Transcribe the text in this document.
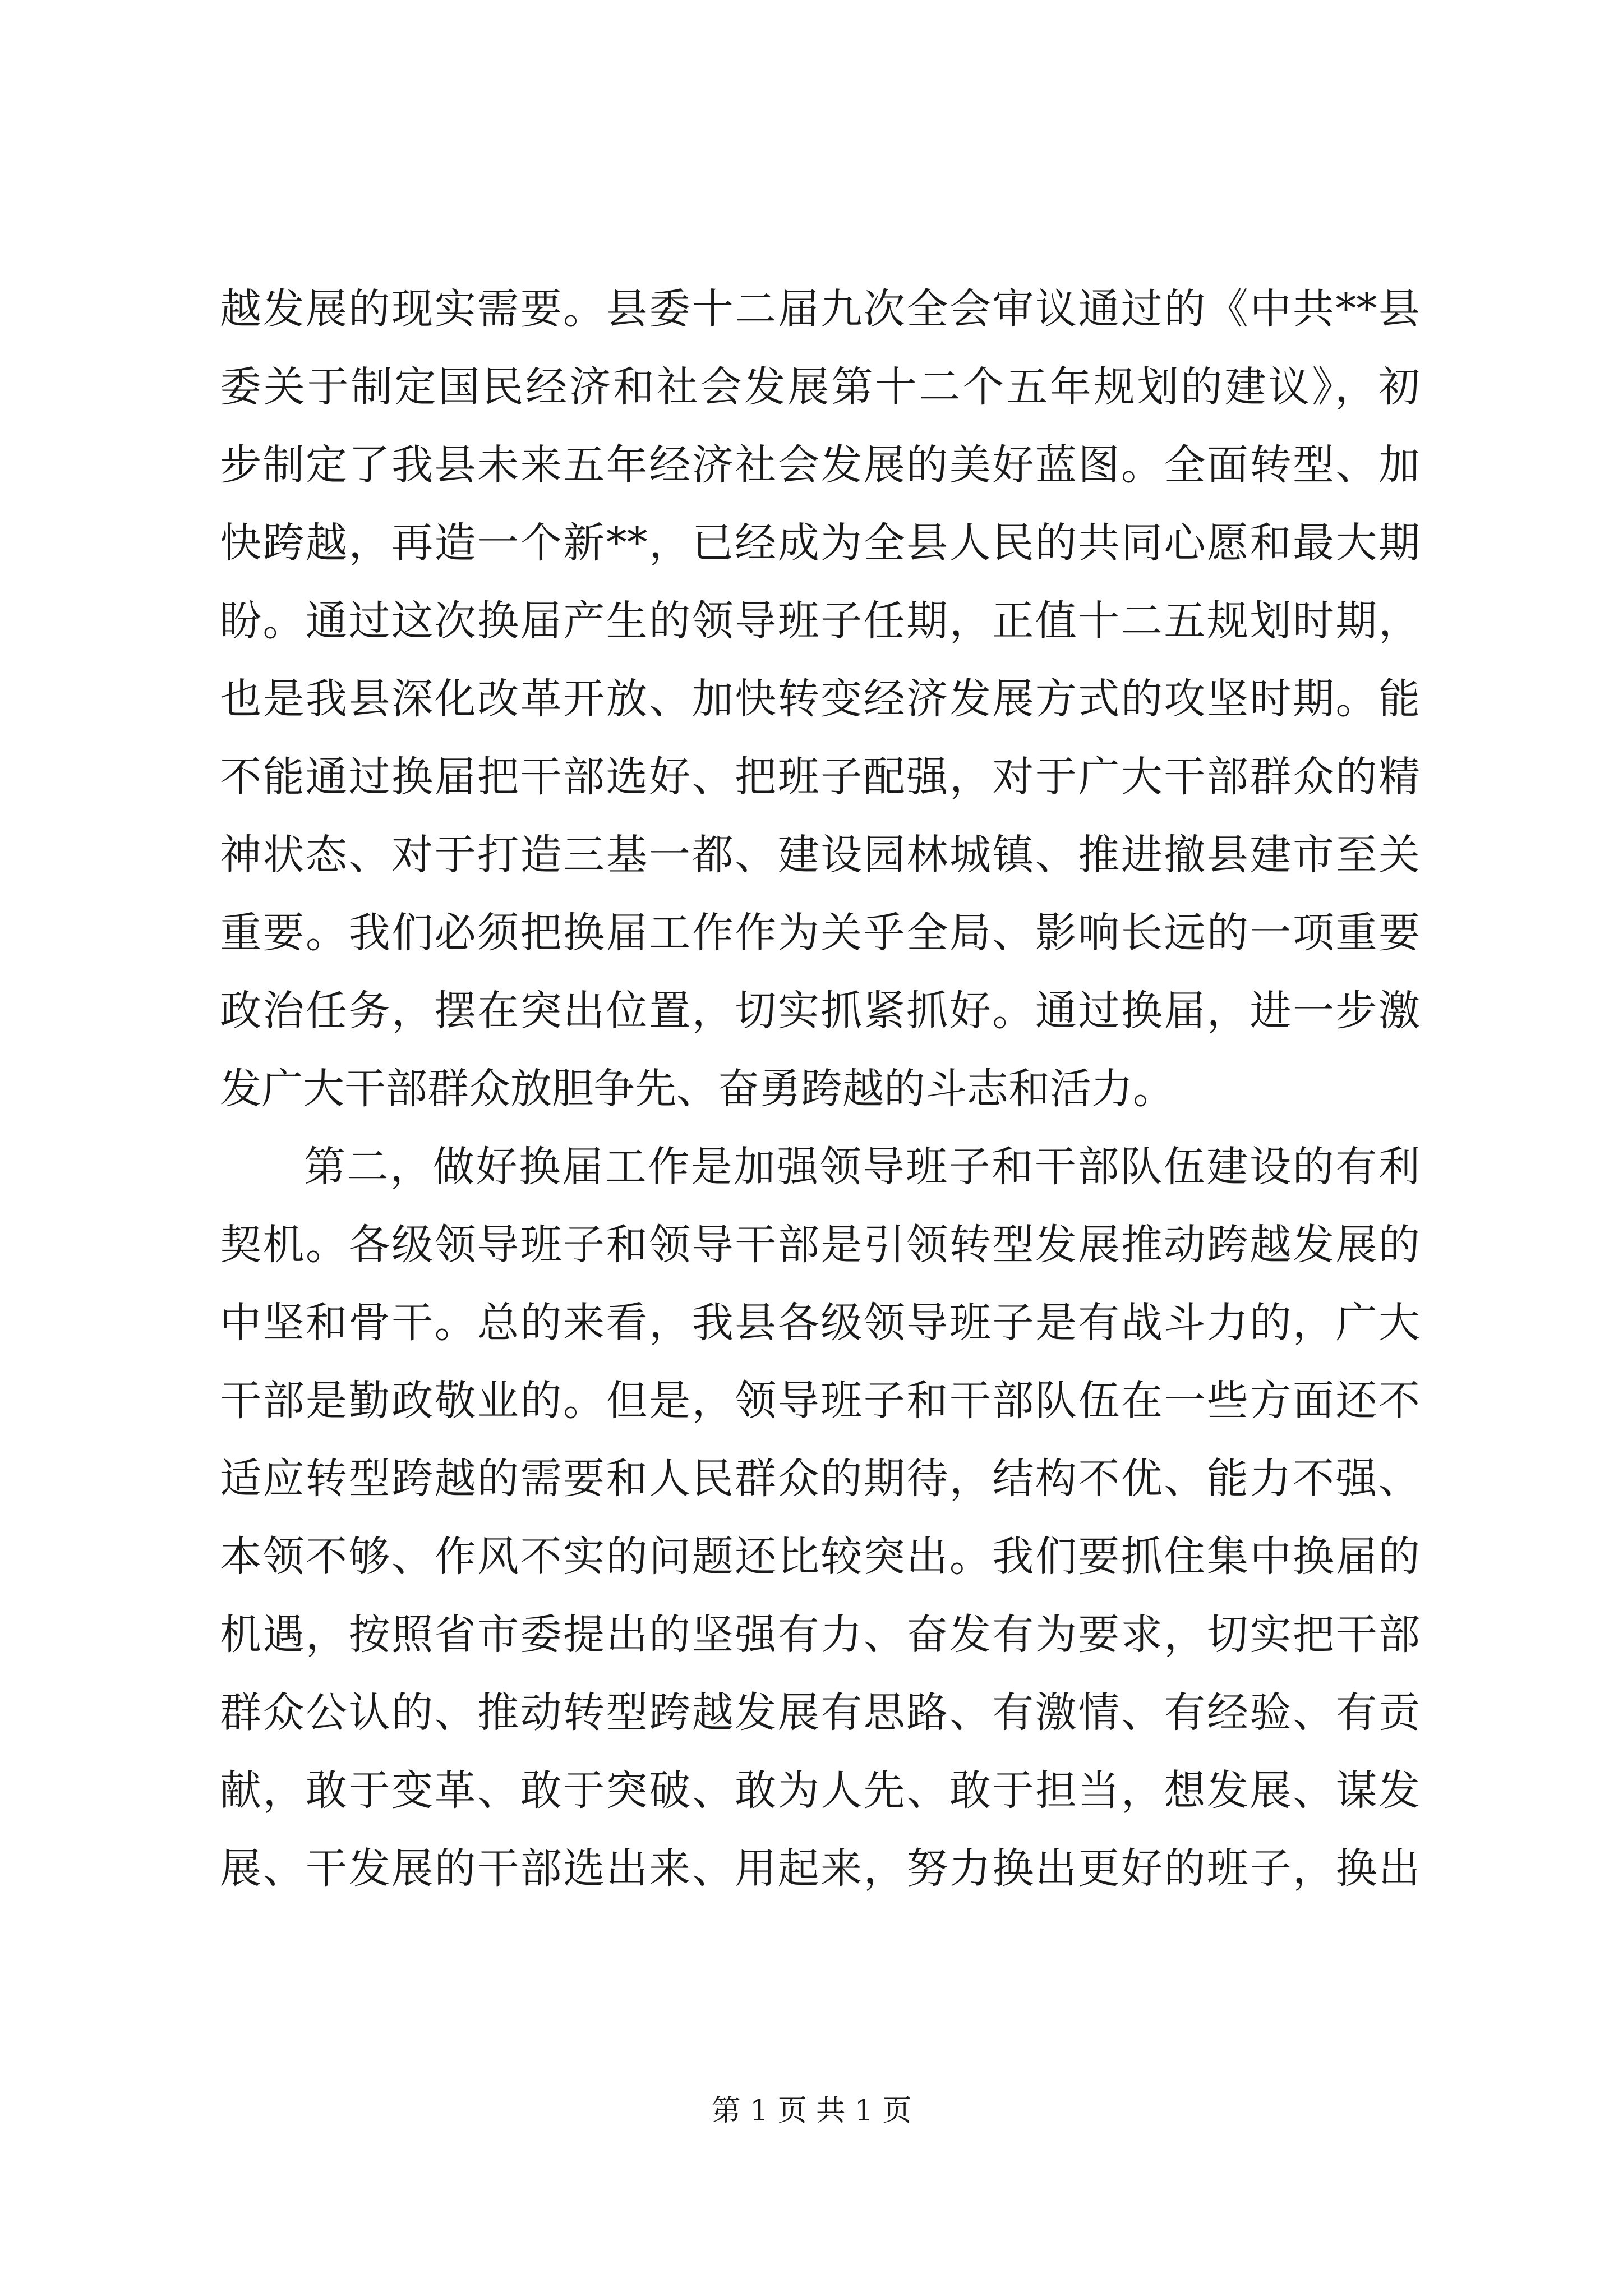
越发展的现实需要。县委十二届九次全会审议通过的《中共**县
委关于制定国民经济和社会发展第十二个五年规划的建议》，初
步制定了我县未来五年经济社会发展的美好蓝图。全面转型、加
快跨越，再造一个新**，已经成为全县人民的共同心愿和最大期
盼。通过这次换届产生的领导班子任期，正值十二五规划时期，
也是我县深化改革开放、加快转变经济发展方式的攻坚时期。能
不能通过换届把干部选好、把班子配强，对于广大干部群众的精
神状态、对于打造三基一都、建设园林城镇、推进撤县建市至关
重要。我们必须把换届工作作为关乎全局、影响长远的一项重要
政治任务，摆在突出位置，切实抓紧抓好。通过换届，进一步激
发广大干部群众放胆争先、奋勇跨越的斗志和活力。
第二，做好换届工作是加强领导班子和干部队伍建设的有利
契机。各级领导班子和领导干部是引领转型发展推动跨越发展的
中坚和骨干。总的来看，我县各级领导班子是有战斗力的，广大
干部是勤政敬业的。但是，领导班子和干部队伍在一些方面还不
适应转型跨越的需要和人民群众的期待，结构不优、能力不强、
本领不够、作风不实的问题还比较突出。我们要抓住集中换届的
机遇，按照省市委提出的坚强有力、奋发有为要求，切实把干部
群众公认的、推动转型跨越发展有思路、有激情、有经验、有贡
献，敢于变革、敢于突破、敢为人先、敢于担当，想发展、谋发
展、干发展的干部选出来、用起来，努力换出更好的班子，换出
第 1 页 共 1 页
